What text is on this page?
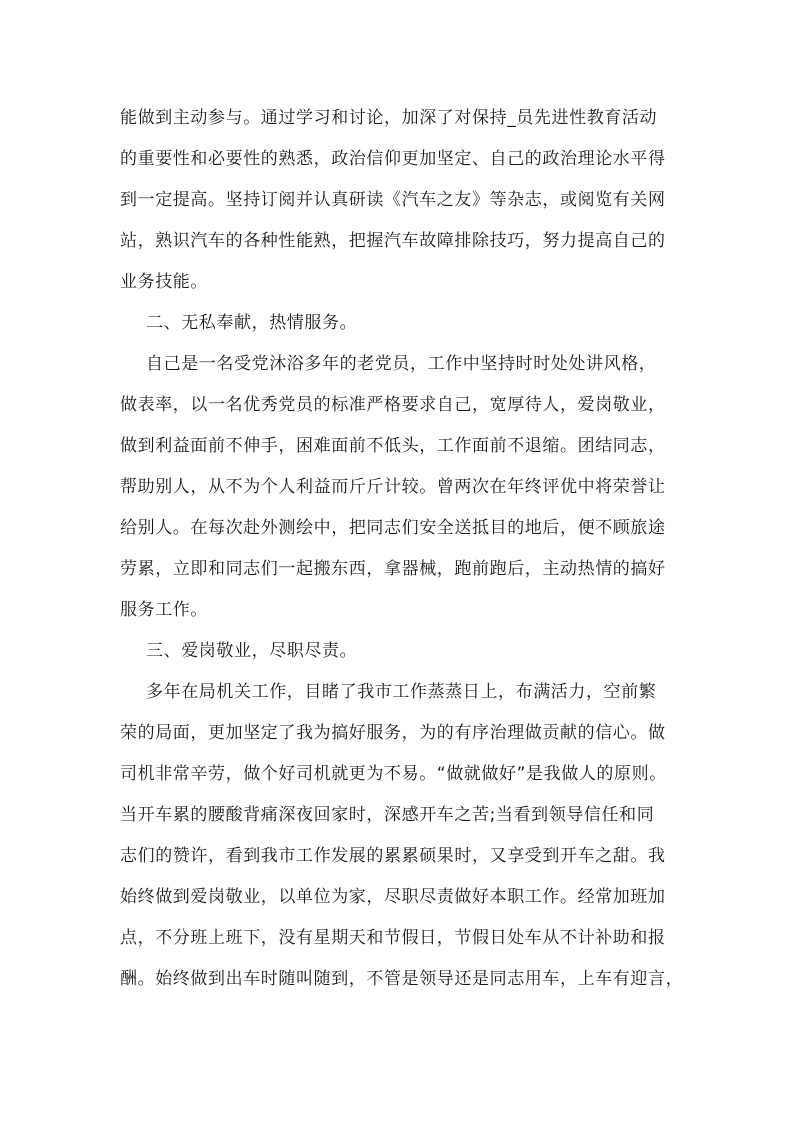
能做到主动参与。通过学习和讨论，加深了对保持_员先进性教育活动
的重要性和必要性的熟悉，政治信仰更加坚定、自己的政治理论水平得
到一定提高。坚持订阅并认真研读《汽车之友》等杂志，或阅览有关网
站，熟识汽车的各种性能熟，把握汽车故障排除技巧，努力提高自己的
业务技能。
二、无私奉献，热情服务。
自己是一名受党沐浴多年的老党员，工作中坚持时时处处讲风格，
做表率，以一名优秀党员的标准严格要求自己，宽厚待人，爱岗敬业，
做到利益面前不伸手，困难面前不低头，工作面前不退缩。团结同志，
帮助别人，从不为个人利益而斤斤计较。曾两次在年终评优中将荣誉让
给别人。在每次赴外测绘中，把同志们安全送抵目的地后，便不顾旅途
劳累，立即和同志们一起搬东西，拿器械，跑前跑后，主动热情的搞好
服务工作。
三、爱岗敬业，尽职尽责。
多年在局机关工作，目睹了我市工作蒸蒸日上，布满活力，空前繁
荣的局面，更加坚定了我为搞好服务，为的有序治理做贡献的信心。做
司机非常辛劳，做个好司机就更为不易。“做就做好”是我做人的原则。
当开车累的腰酸背痛深夜回家时，深感开车之苦;当看到领导信任和同
志们的赞许，看到我市工作发展的累累硕果时，又享受到开车之甜。我
始终做到爱岗敬业，以单位为家，尽职尽责做好本职工作。经常加班加
点，不分班上班下，没有星期天和节假日，节假日处车从不计补助和报
酬。始终做到出车时随叫随到，不管是领导还是同志用车，上车有迎言，
